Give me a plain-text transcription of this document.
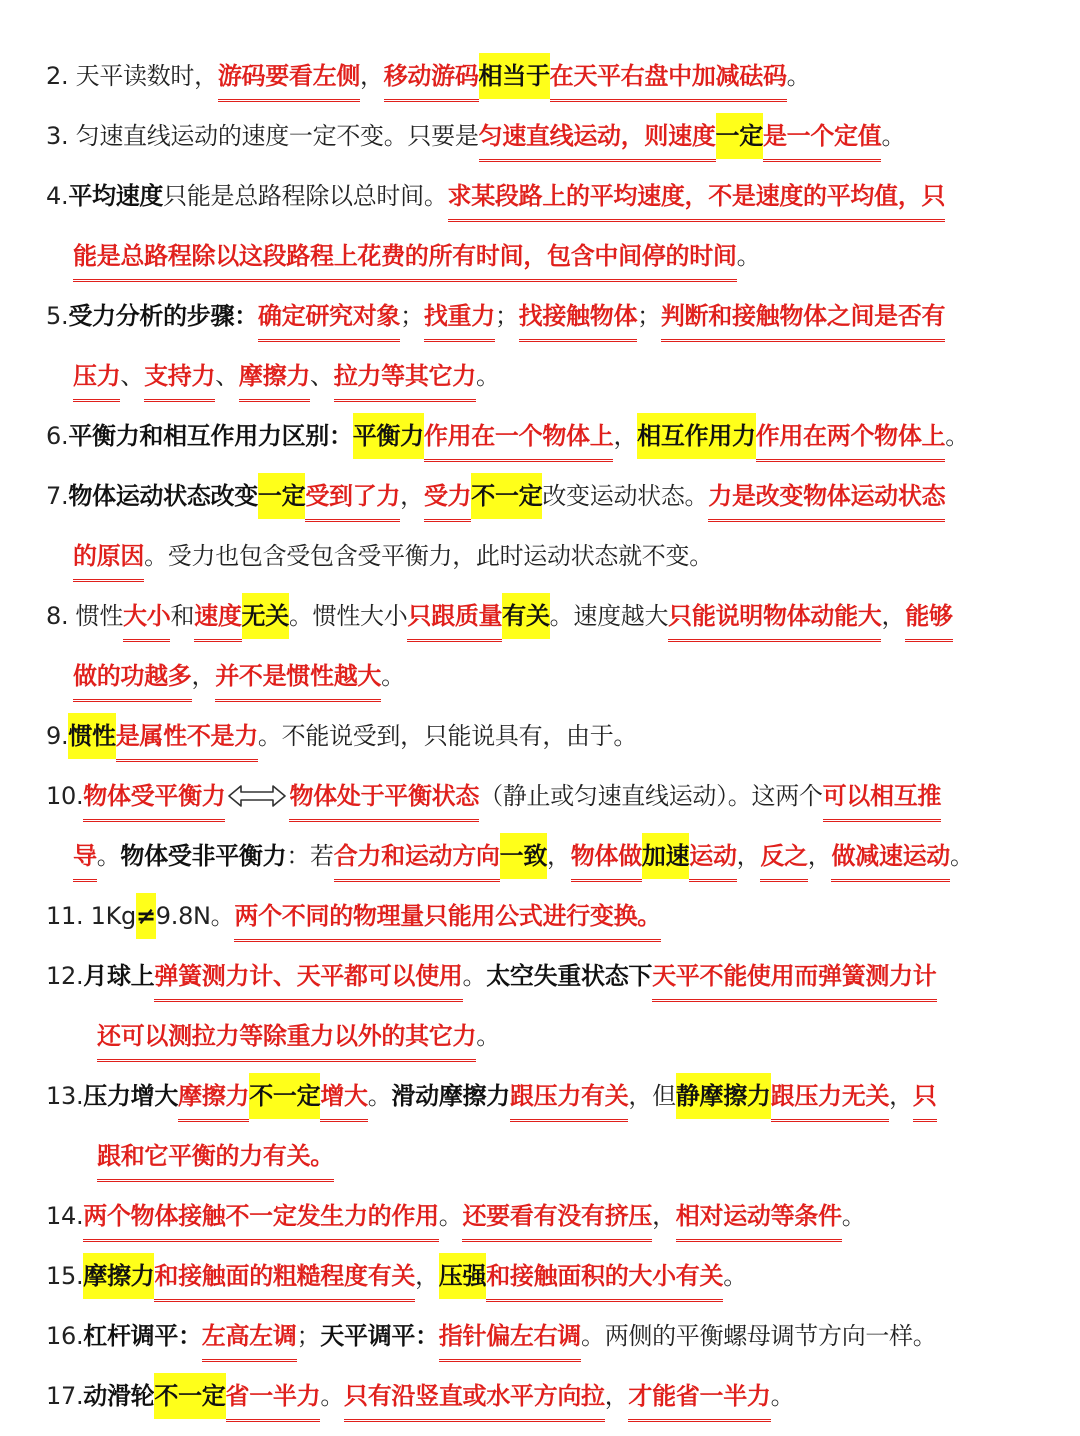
2. 天平读数时，游码要看左侧，移动游码相当于在天平右盘中加减砝码。
3. 匀速直线运动的速度一定不变。只要是匀速直线运动，则速度一定是一个定值。
4.平均速度只能是总路程除以总时间。求某段路上的平均速度，不是速度的平均值，只
能是总路程除以这段路程上花费的所有时间，包含中间停的时间。
5.受力分析的步骤：确定研究对象；找重力；找接触物体；判断和接触物体之间是否有
压力、支持力、摩擦力、拉力等其它力。
6.平衡力和相互作用力区别：平衡力作用在一个物体上，相互作用力作用在两个物体上。
7.物体运动状态改变一定受到了力，受力不一定改变运动状态。力是改变物体运动状态
的原因。受力也包含受包含受平衡力，此时运动状态就不变。
8. 惯性大小和速度无关。惯性大小只跟质量有关。速度越大只能说明物体动能大，能够
做的功越多，并不是惯性越大。
9.惯性是属性不是力。不能说受到，只能说具有，由于。
10.物体受平衡力	物体处于平衡状态（静止或匀速直线运动）。这两个可以相互推
导。物体受非平衡力：若合力和运动方向一致，物体做加速运动，反之，做减速运动。
11. 1Kg≠9.8N。两个不同的物理量只能用公式进行变换。
12.月球上弹簧测力计、天平都可以使用。太空失重状态下天平不能使用而弹簧测力计
还可以测拉力等除重力以外的其它力。
13.压力增大摩擦力不一定增大。滑动摩擦力跟压力有关，但静摩擦力跟压力无关，只
跟和它平衡的力有关。
14.两个物体接触不一定发生力的作用。还要看有没有挤压，相对运动等条件。
15.摩擦力和接触面的粗糙程度有关，压强和接触面积的大小有关。
16.杠杆调平：左高左调；天平调平：指针偏左右调。两侧的平衡螺母调节方向一样。
17.动滑轮不一定省一半力。只有沿竖直或水平方向拉，才能省一半力。
